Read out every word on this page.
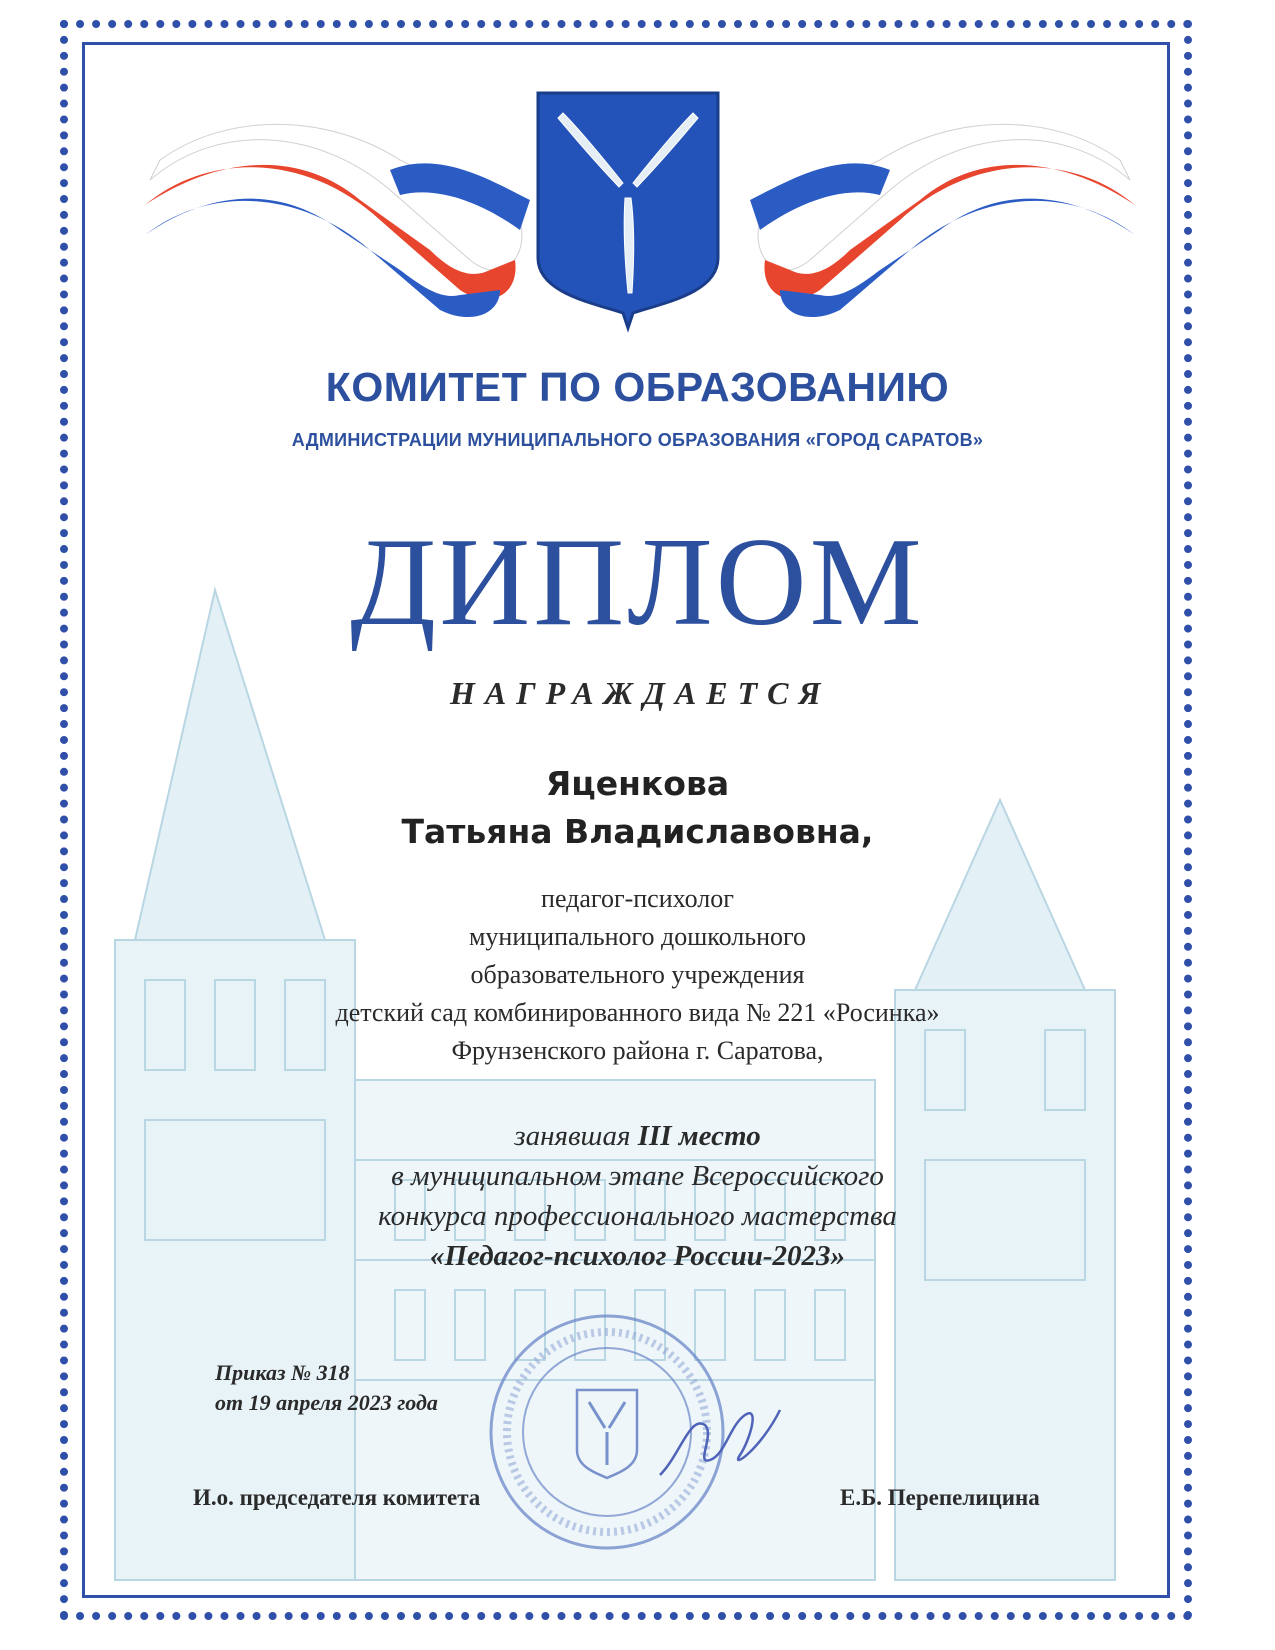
КОМИТЕТ ПО ОБРАЗОВАНИЮ
АДМИНИСТРАЦИИ МУНИЦИПАЛЬНОГО ОБРАЗОВАНИЯ «ГОРОД САРАТОВ»
ДИПЛОМ
НАГРАЖДАЕТСЯ
Яценкова
Татьяна Владиславовна,
педагог-психолог
муниципального дошкольного
образовательного учреждения
детский сад комбинированного вида № 221 «Росинка»
Фрунзенского района г. Саратова,
занявшая III место
в муниципальном этапе Всероссийского
конкурса профессионального мастерства
«Педагог-психолог России-2023»
Приказ № 318
от 19 апреля 2023 года
И.о. председателя комитета	Е.Б. Перепелицина
